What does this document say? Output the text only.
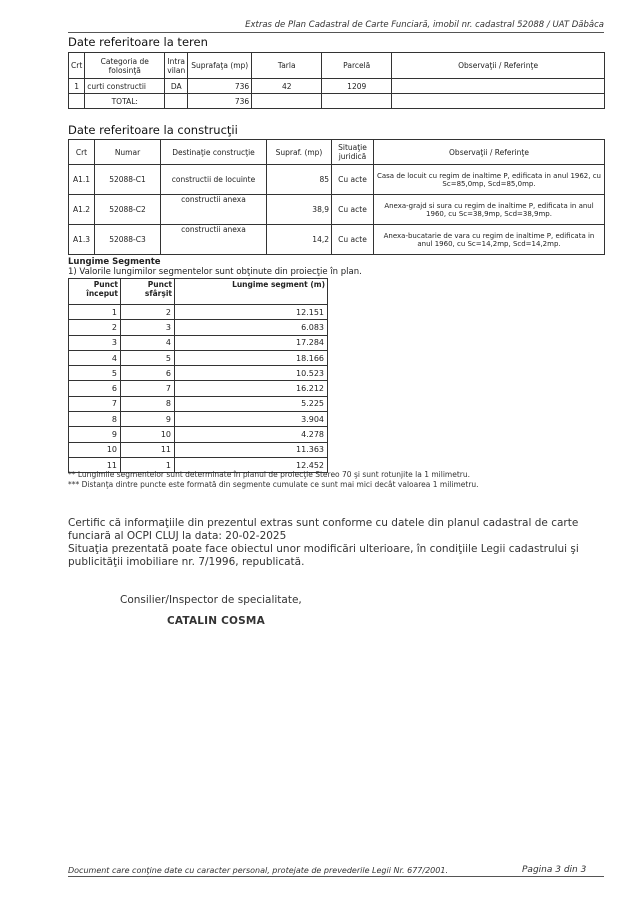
Extras de Plan Cadastral de Carte Funciară, imobil nr. cadastral 52088 / UAT Dăbâca
Date referitoare la teren
Crt	Categoria de folosinţă	Intra vilan	Suprafaţa (mp)	Tarla	Parcelă	Observaţii / Referinţe
1	curti constructii	DA	736	42	1209	
	TOTAL:		736			
Date referitoare la construcţii
Crt	Numar	Destinaţie construcţie	Supraf. (mp)	Situaţie juridică	Observaţii / Referinţe
A1.1	52088-C1	constructii de locuinte	85	Cu acte	Casa de locuit cu regim de inaltime P, edificata in anul 1962, cu Sc=85,0mp, Scd=85,0mp.
A1.2	52088-C2	constructii anexa	38,9	Cu acte	Anexa-grajd si sura cu regim de inaltime P, edificata in anul 1960, cu Sc=38,9mp, Scd=38,9mp.
A1.3	52088-C3	constructii anexa	14,2	Cu acte	Anexa-bucatarie de vara cu regim de inaltime P, edificata in anul 1960, cu Sc=14,2mp, Scd=14,2mp.
Lungime Segmente
1) Valorile lungimilor segmentelor sunt obţinute din proiecţie în plan.
Punct început	Punct sfârşit	Lungime segment (m)
1	2	12.151
2	3	6.083
3	4	17.284
4	5	18.166
5	6	10.523
6	7	16.212
7	8	5.225
8	9	3.904
9	10	4.278
10	11	11.363
11	1	12.452
** Lungimile segmentelor sunt determinate în planul de proiecţie Stereo 70 şi sunt rotunjite la 1 milimetru.
*** Distanţa dintre puncte este formată din segmente cumulate ce sunt mai mici decât valoarea 1 milimetru.
Certific că informaţiile din prezentul extras sunt conforme cu datele din planul cadastral de carte funciară al OCPI CLUJ la data: 20-02-2025
Situaţia prezentată poate face obiectul unor modificări ulterioare, în condiţiile Legii cadastrului şi publicităţii imobiliare nr. 7/1996, republicată.
Consilier/Inspector de specialitate,
CATALIN COSMA
Document care conţine date cu caracter personal, protejate de prevederile Legii Nr. 677/2001.	Pagina 3 din 3
